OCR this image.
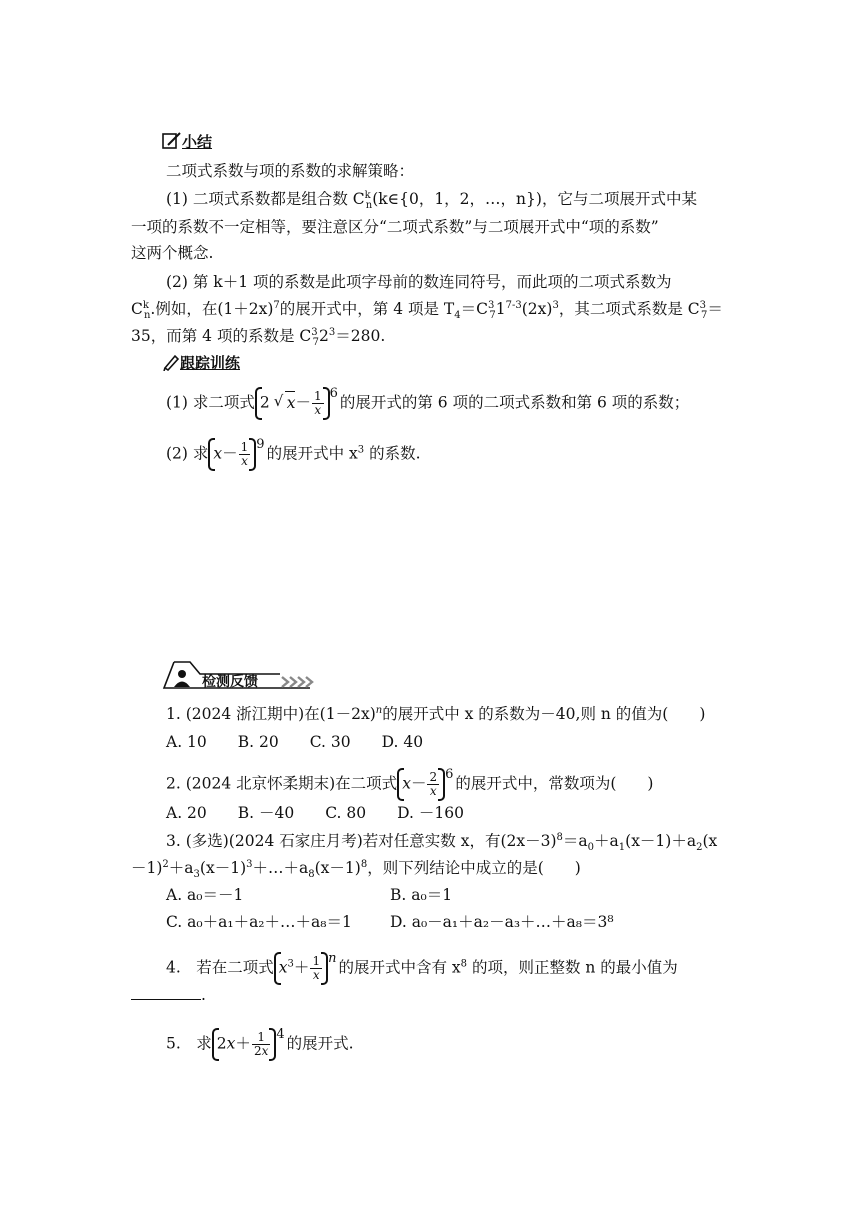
小结
二项式系数与项的系数的求解策略：
(1) 二项式系数都是组合数 $C^k_n(k\in\{0$，1，2，…，n})，它与二项展开式中某
一项的系数不一定相等，要注意区分“二项式系数”与二项展开式中“项的系数”
这两个概念.
(2) 第 k＋1 项的系数是此项字母前的数连同符号，而此项的二项式系数为
$C^k_n$.例如，在$(1+2x)^7$的展开式中，第 4 项是 $T_4=C^3_71^{7-3}(2x)^3$，其二项式系数是 $C^3_7=$
35，而第 4 项的系数是 $C^3_72^3=280$.
跟踪训练
(1) 求二项式 2 √ $x- \frac{1}{x} 6$ 的展开式的第 6 项的二项式系数和第 6 项的系数；
(2) 求 $x- \frac{1}{x} 9$ 的展开式中 $x^3$ 的系数.
检测反馈
1. (2024 浙江期中)在$(1-2x)^n$的展开式中 x 的系数为－40,则 n 的值为(　　)
A. 10　　B. 20　　C. 30　　D. 40
2. (2024 北京怀柔期末)在二项式 $x- \frac{2}{x} 6$ 的展开式中，常数项为(　　)
A. 20　　B. －40　　C. 80　　D. －160
3. (多选)(2024 石家庄月考)若对任意实数 x，有$(2x-3)^8=a_0+a_1(x-1)+a_2(x$
$-1)^2+a_3(x-1)^3+\dots+a_8(x-1)^8$，则下列结论中成立的是(　　)
A. a₀＝－1	B. a₀＝1
C. a₀＋a₁＋a₂＋…＋a₈＝1 D. a₀－a₁＋a₂－a₃＋…＋a₈＝3⁸
4.　若在二项式 $x^3+ \frac{1}{x}$ n 的展开式中含有 $x^8$ 的项，则正整数 n 的最小值为
.
5.　求 $2x+ \frac{1}{2x} 4$ 的展开式.
